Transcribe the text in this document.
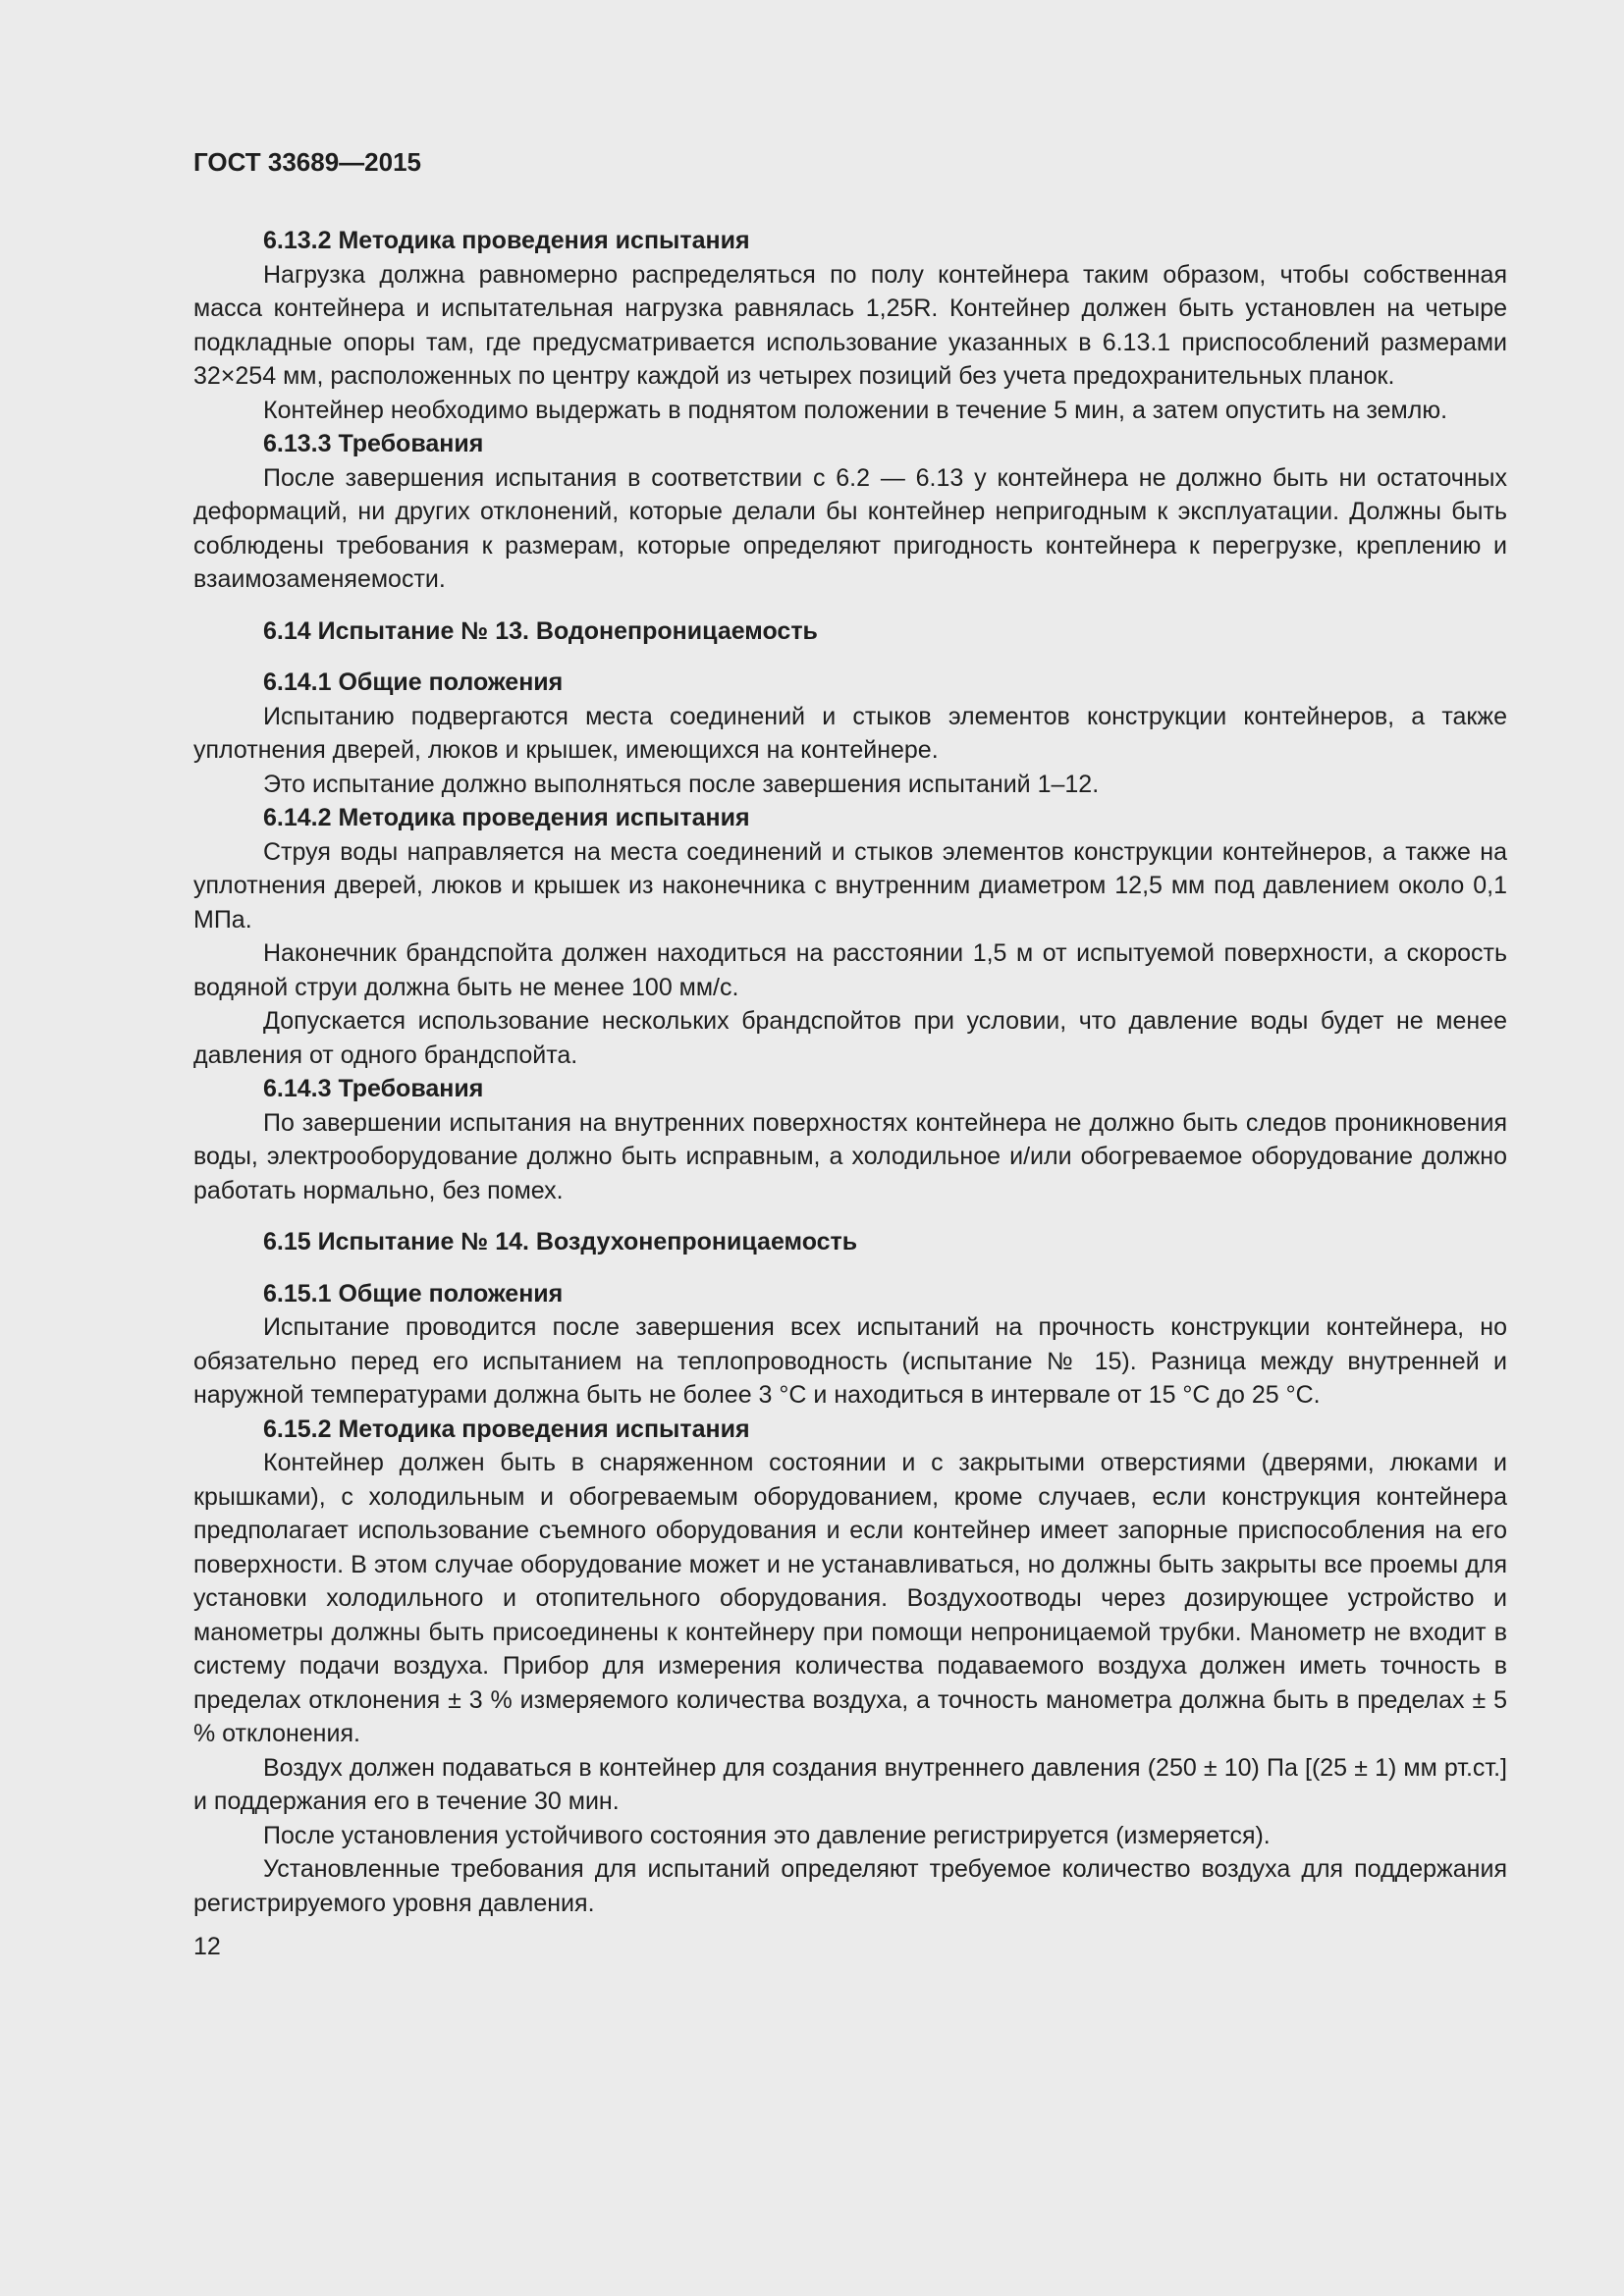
ГОСТ 33689—2015
6.13.2 Методика проведения испытания
Нагрузка должна равномерно распределяться по полу контейнера таким образом, чтобы собственная масса контейнера и испытательная нагрузка равнялась 1,25R. Контейнер должен быть установлен на четыре подкладные опоры там, где предусматривается использование указанных в 6.13.1 приспособлений размерами 32×254 мм, расположенных по центру каждой из четырех позиций без учета предохранительных планок.
Контейнер необходимо выдержать в поднятом положении в течение 5 мин, а затем опустить на землю.
6.13.3 Требования
После завершения испытания в соответствии с 6.2 — 6.13 у контейнера не должно быть ни остаточных деформаций, ни других отклонений, которые делали бы контейнер непригодным к эксплуатации. Должны быть соблюдены требования к размерам, которые определяют пригодность контейнера к перегрузке, креплению и взаимозаменяемости.
6.14 Испытание № 13. Водонепроницаемость
6.14.1 Общие положения
Испытанию подвергаются места соединений и стыков элементов конструкции контейнеров, а также уплотнения дверей, люков и крышек, имеющихся на контейнере.
Это испытание должно выполняться после завершения испытаний 1–12.
6.14.2 Методика проведения испытания
Струя воды направляется на места соединений и стыков элементов конструкции контейнеров, а также на уплотнения дверей, люков и крышек из наконечника с внутренним диаметром 12,5 мм под давлением около 0,1 МПа.
Наконечник брандспойта должен находиться на расстоянии 1,5 м от испытуемой поверхности, а скорость водяной струи должна быть не менее 100 мм/с.
Допускается использование нескольких брандспойтов при условии, что давление воды будет не менее давления от одного брандспойта.
6.14.3 Требования
По завершении испытания на внутренних поверхностях контейнера не должно быть следов проникновения воды, электрооборудование должно быть исправным, а холодильное и/или обогреваемое оборудование должно работать нормально, без помех.
6.15 Испытание № 14. Воздухонепроницаемость
6.15.1 Общие положения
Испытание проводится после завершения всех испытаний на прочность конструкции контейнера, но обязательно перед его испытанием на теплопроводность (испытание № 15). Разница между внутренней и наружной температурами должна быть не более 3 °С и находиться в интервале от 15 °С до 25 °С.
6.15.2 Методика проведения испытания
Контейнер должен быть в снаряженном состоянии и с закрытыми отверстиями (дверями, люками и крышками), с холодильным и обогреваемым оборудованием, кроме случаев, если конструкция контейнера предполагает использование съемного оборудования и если контейнер имеет запорные приспособления на его поверхности. В этом случае оборудование может и не устанавливаться, но должны быть закрыты все проемы для установки холодильного и отопительного оборудования. Воздухоотводы через дозирующее устройство и манометры должны быть присоединены к контейнеру при помощи непроницаемой трубки. Манометр не входит в систему подачи воздуха. Прибор для измерения количества подаваемого воздуха должен иметь точность в пределах отклонения ± 3 % измеряемого количества воздуха, а точность манометра должна быть в пределах ± 5 % отклонения.
Воздух должен подаваться в контейнер для создания внутреннего давления (250 ± 10) Па [(25 ± 1) мм рт.ст.] и поддержания его в течение 30 мин.
После установления устойчивого состояния это давление регистрируется (измеряется).
Установленные требования для испытаний определяют требуемое количество воздуха для поддержания регистрируемого уровня давления.
12
